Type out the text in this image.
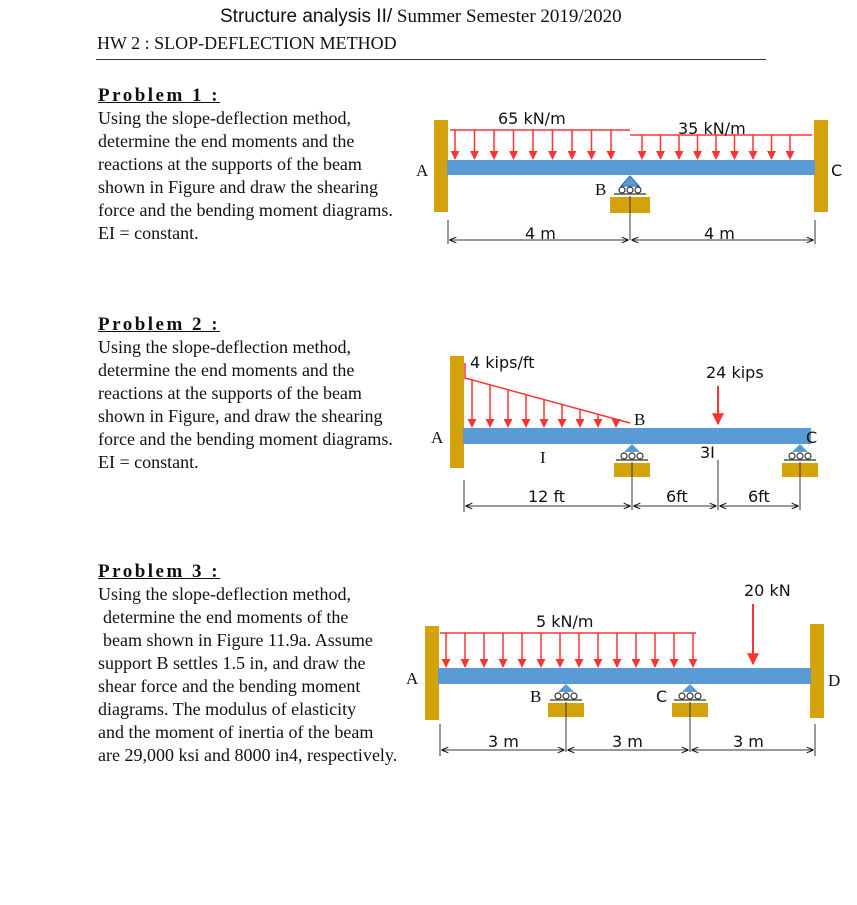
Structure analysis II/ Summer Semester 2019/2020
HW 2 : SLOP-DEFLECTION METHOD
Problem 1 :
Using the slope-deflection method,
determine the end moments and the
reactions at the supports of the beam
shown in Figure and draw the shearing
force and the bending moment diagrams.
EI = constant.
Problem 2 :
Using the slope-deflection method,
determine the end moments and the
reactions at the supports of the beam
shown in Figure, and draw the shearing
force and the bending moment diagrams.
EI = constant.
Problem 3 :
Using the slope-deflection method,
determine the end moments of the
beam shown in Figure 11.9a. Assume
support B settles 1.5 in, and draw the
shear force and the bending moment
diagrams. The modulus of elasticity
and the moment of inertia of the beam
are 29,000 ksi and 8000 in4, respectively.
65 kN/m
35 kN/m
A	C
B
4 m	4 m
4 kips/ft
24 kips
A
B
C
I	3I
12 ft	6ft	6ft
5 kN/m
20 kN
A	D
B	C
3 m	3 m	3 m
